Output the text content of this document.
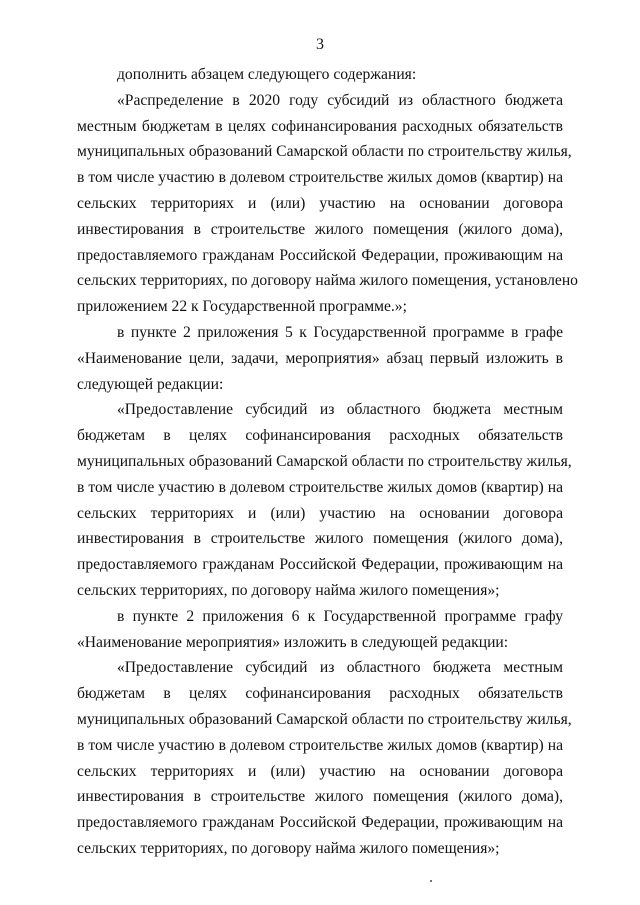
3
дополнить абзацем следующего содержания:
«Распределение в 2020 году субсидий из областного бюджета
местным бюджетам в целях софинансирования расходных обязательств
муниципальных образований Самарской области по строительству жилья,
в том числе участию в долевом строительстве жилых домов (квартир) на
сельских территориях и (или) участию на основании договора
инвестирования в строительстве жилого помещения (жилого дома),
предоставляемого гражданам Российской Федерации, проживающим на
сельских территориях, по договору найма жилого помещения, установлено
приложением 22 к Государственной программе.»;
в пункте 2 приложения 5 к Государственной программе в графе
«Наименование цели, задачи, мероприятия» абзац первый изложить в
следующей редакции:
«Предоставление субсидий из областного бюджета местным
бюджетам в целях софинансирования расходных обязательств
муниципальных образований Самарской области по строительству жилья,
в том числе участию в долевом строительстве жилых домов (квартир) на
сельских территориях и (или) участию на основании договора
инвестирования в строительстве жилого помещения (жилого дома),
предоставляемого гражданам Российской Федерации, проживающим на
сельских территориях, по договору найма жилого помещения»;
в пункте 2 приложения 6 к Государственной программе графу
«Наименование мероприятия» изложить в следующей редакции:
«Предоставление субсидий из областного бюджета местным
бюджетам в целях софинансирования расходных обязательств
муниципальных образований Самарской области по строительству жилья,
в том числе участию в долевом строительстве жилых домов (квартир) на
сельских территориях и (или) участию на основании договора
инвестирования в строительстве жилого помещения (жилого дома),
предоставляемого гражданам Российской Федерации, проживающим на
сельских территориях, по договору найма жилого помещения»;
